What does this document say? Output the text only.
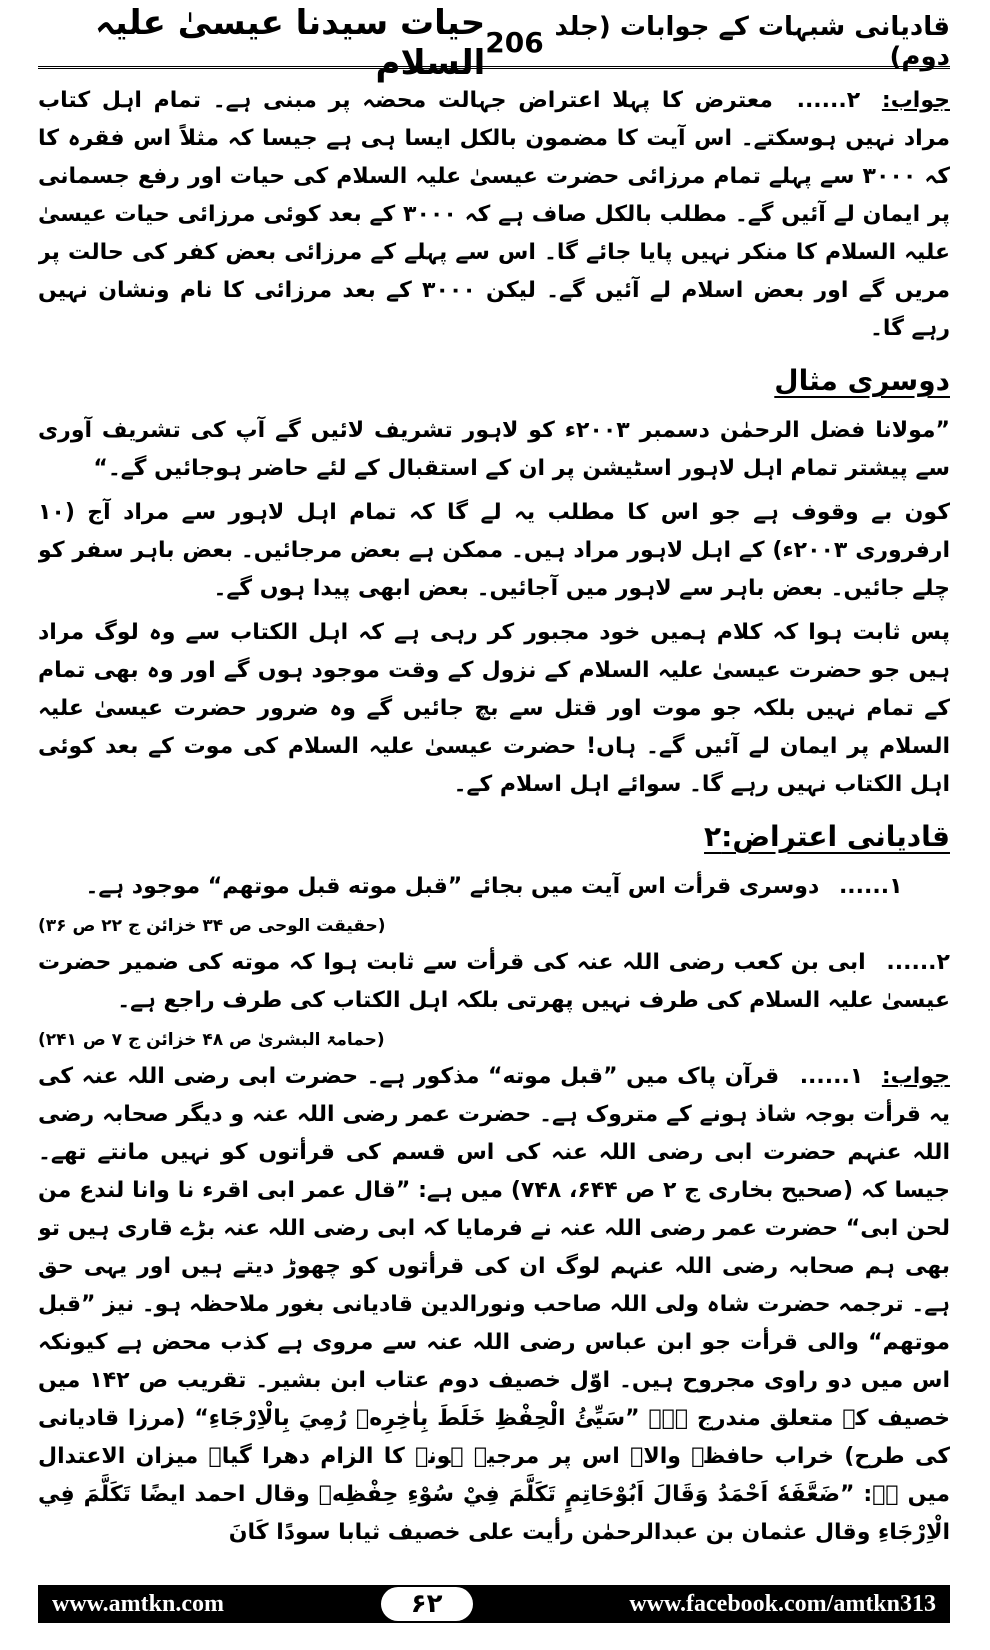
قادیانی شبہات کے جوابات (جلد دوم)
206
حیات سیدنا عیسیٰ علیہ السلام

جواب: ۲...... معترض کا پہلا اعتراض جہالت محضہ پر مبنی ہے۔ تمام اہل کتاب مراد نہیں ہوسکتے۔ اس آیت کا مضمون بالکل ایسا ہی ہے جیسا کہ مثلاً اس فقرہ کا کہ ۳۰۰۰ سے پہلے تمام مرزائی حضرت عیسیٰ علیہ السلام کی حیات اور رفع جسمانی پر ایمان لے آئیں گے۔ مطلب بالکل صاف ہے کہ ۳۰۰۰ کے بعد کوئی مرزائی حیات عیسیٰ علیہ السلام کا منکر نہیں پایا جائے گا۔ اس سے پہلے کے مرزائی بعض کفر کی حالت پر مریں گے اور بعض اسلام لے آئیں گے۔ لیکن ۳۰۰۰ کے بعد مرزائی کا نام ونشان نہیں رہے گا۔

دوسری مثال

”مولانا فضل الرحمٰن دسمبر ۲۰۰۳ء کو لاہور تشریف لائیں گے آپ کی تشریف آوری سے پیشتر تمام اہل لاہور اسٹیشن پر ان کے استقبال کے لئے حاضر ہوجائیں گے۔“

کون بے وقوف ہے جو اس کا مطلب یہ لے گا کہ تمام اہل لاہور سے مراد آج (۱۰ ارفروری ۲۰۰۳ء) کے اہل لاہور مراد ہیں۔ ممکن ہے بعض مرجائیں۔ بعض باہر سفر کو چلے جائیں۔ بعض باہر سے لاہور میں آجائیں۔ بعض ابھی پیدا ہوں گے۔

پس ثابت ہوا کہ کلام ہمیں خود مجبور کر رہی ہے کہ اہل الکتاب سے وہ لوگ مراد ہیں جو حضرت عیسیٰ علیہ السلام کے نزول کے وقت موجود ہوں گے اور وہ بھی تمام کے تمام نہیں بلکہ جو موت اور قتل سے بچ جائیں گے وہ ضرور حضرت عیسیٰ علیہ السلام پر ایمان لے آئیں گے۔ ہاں! حضرت عیسیٰ علیہ السلام کی موت کے بعد کوئی اہل الکتاب نہیں رہے گا۔ سوائے اہل اسلام کے۔

قادیانی اعتراض:۲

۱...... دوسری قرأت اس آیت میں بجائے ”قبل موته قبل موتهم“ موجود ہے۔

(حقیقت الوحی ص ۳۴ خزائن ج ۲۲ ص ۳۶)

۲...... ابی بن کعب رضی اللہ عنہ کی قرأت سے ثابت ہوا کہ موته کی ضمیر حضرت عیسیٰ علیہ السلام کی طرف نہیں پھرتی بلکہ اہل الکتاب کی طرف راجع ہے۔

(حمامۃ البشریٰ ص ۴۸ خزائن ج ۷ ص ۲۴۱)

جواب: ۱...... قرآن پاک میں ”قبل موته“ مذکور ہے۔ حضرت ابی رضی اللہ عنہ کی یہ قرأت بوجہ شاذ ہونے کے متروک ہے۔ حضرت عمر رضی اللہ عنہ و دیگر صحابہ رضی اللہ عنہم حضرت ابی رضی اللہ عنہ کی اس قسم کی قرأتوں کو نہیں مانتے تھے۔ جیسا کہ (صحیح بخاری ج ۲ ص ۶۴۴، ۷۴۸) میں ہے: ”قال عمر ابی اقرء نا وانا لندع من لحن ابی“ حضرت عمر رضی اللہ عنہ نے فرمایا کہ ابی رضی اللہ عنہ بڑے قاری ہیں تو بھی ہم صحابہ رضی اللہ عنہم لوگ ان کی قرأتوں کو چھوڑ دیتے ہیں اور یہی حق ہے۔ ترجمہ حضرت شاہ ولی اللہ صاحب ونورالدین قادیانی بغور ملاحظہ ہو۔ نیز ”قبل موتهم“ والی قرأت جو ابن عباس رضی اللہ عنہ سے مروی ہے کذب محض ہے کیونکہ اس میں دو راوی مجروح ہیں۔ اوّل خصیف دوم عتاب ابن بشیر۔ تقریب ص ۱۴۲ میں خصیف کے متعلق مندرج ہے۔ ”سَيِّئُ الْحِفْظِ خَلَطَ بِاٰخِرِهٖ رُمِيَ بِالْاِرْجَاءِ“ (مرزا قادیانی کی طرح) خراب حافظہ والا۔ اس پر مرجیہ ہونے کا الزام دھرا گیا۔ میزان الاعتدال میں ہے: ”ضَعَّفَهٗ اَحْمَدُ وَقَالَ اَبُوْحَاتِمٍ تَكَلَّمَ فِيْ سُوْءِ حِفْظِهٖ وقال احمد ايضًا تَكَلَّمَ فِي الْاِرْجَاءِ وقال عثمان بن عبدالرحمٰن رأيت على خصيف ثيابا سودًا كَانَ

www.amtkn.com	۶۲	www.facebook.com/amtkn313
